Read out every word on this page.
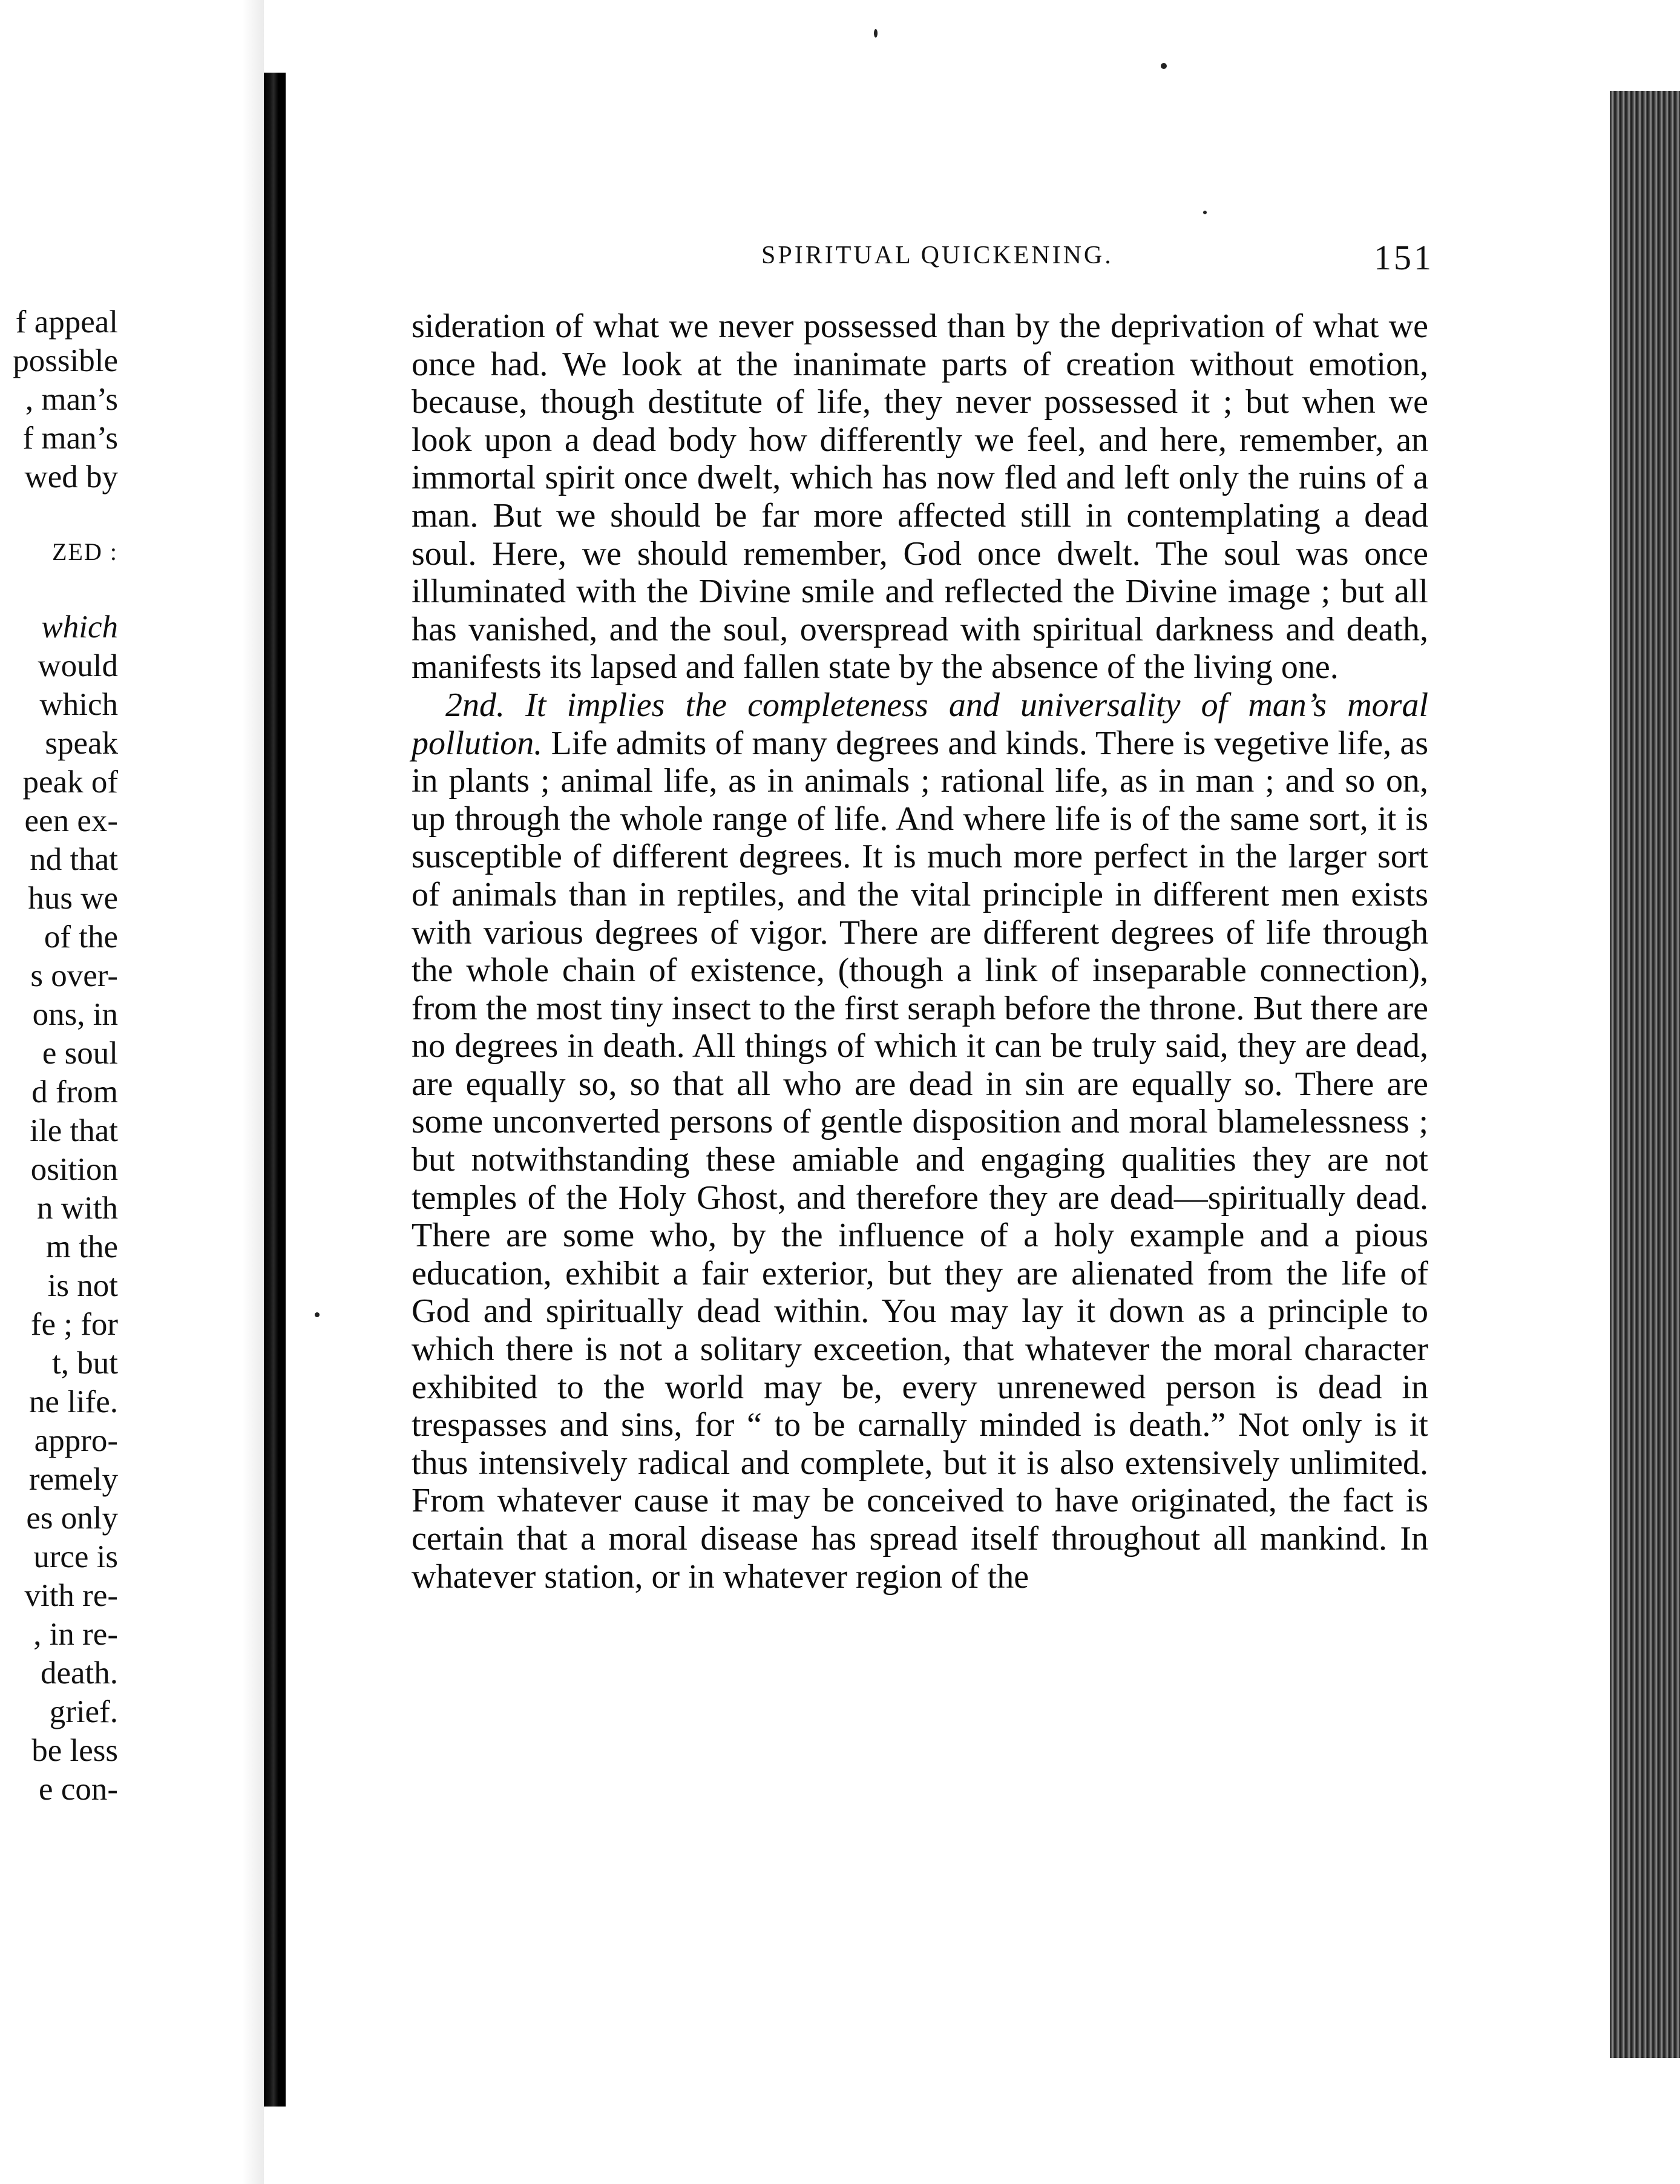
f appeal
possible
, man’s
f man’s
wed by
ZED :
which
would
which
speak
peak of
een ex-
nd that
hus we
of the
s over-
ons, in
e soul
d from
ile that
osition
n with
m the
is not
fe ; for
t, but
ne life.
appro-
remely
es only
urce is
vith re-
, in re-
death.
grief.
be less
e con-
SPIRITUAL QUICKENING.	151

sideration of what we never possessed than by the deprivation of what we once had. We look at the inanimate parts of creation without emotion, because, though destitute of life, they never possessed it ; but when we look upon a dead body how differently we feel, and here, remember, an immortal spirit once dwelt, which has now fled and left only the ruins of a man. But we should be far more affected still in contemplating a dead soul. Here, we should remember, God once dwelt. The soul was once illuminated with the Divine smile and reflected the Divine image ; but all has vanished, and the soul, overspread with spiritual darkness and death, manifests its lapsed and fallen state by the absence of the living one.

2nd. It implies the completeness and universality of man’s moral pollution. Life admits of many degrees and kinds. There is vegetive life, as in plants ; animal life, as in animals ; rational life, as in man ; and so on, up through the whole range of life. And where life is of the same sort, it is susceptible of different degrees. It is much more perfect in the larger sort of animals than in reptiles, and the vital principle in different men exists with various degrees of vigor. There are different degrees of life through the whole chain of existence, (though a link of inseparable connection), from the most tiny insect to the first seraph before the throne. But there are no degrees in death. All things of which it can be truly said, they are dead, are equally so, so that all who are dead in sin are equally so. There are some unconverted persons of gentle disposition and moral blamelessness ; but notwithstanding these amiable and engaging qualities they are not temples of the Holy Ghost, and therefore they are dead—spiritually dead. There are some who, by the influence of a holy example and a pious education, exhibit a fair exterior, but they are alienated from the life of God and spiritually dead within. You may lay it down as a principle to which there is not a solitary exceetion, that whatever the moral character exhibited to the world may be, every unrenewed person is dead in trespasses and sins, for “ to be carnally minded is death.” Not only is it thus intensively radical and complete, but it is also extensively unlimited. From whatever cause it may be conceived to have originated, the fact is certain that a moral disease has spread itself throughout all mankind. In whatever station, or in whatever region of the
